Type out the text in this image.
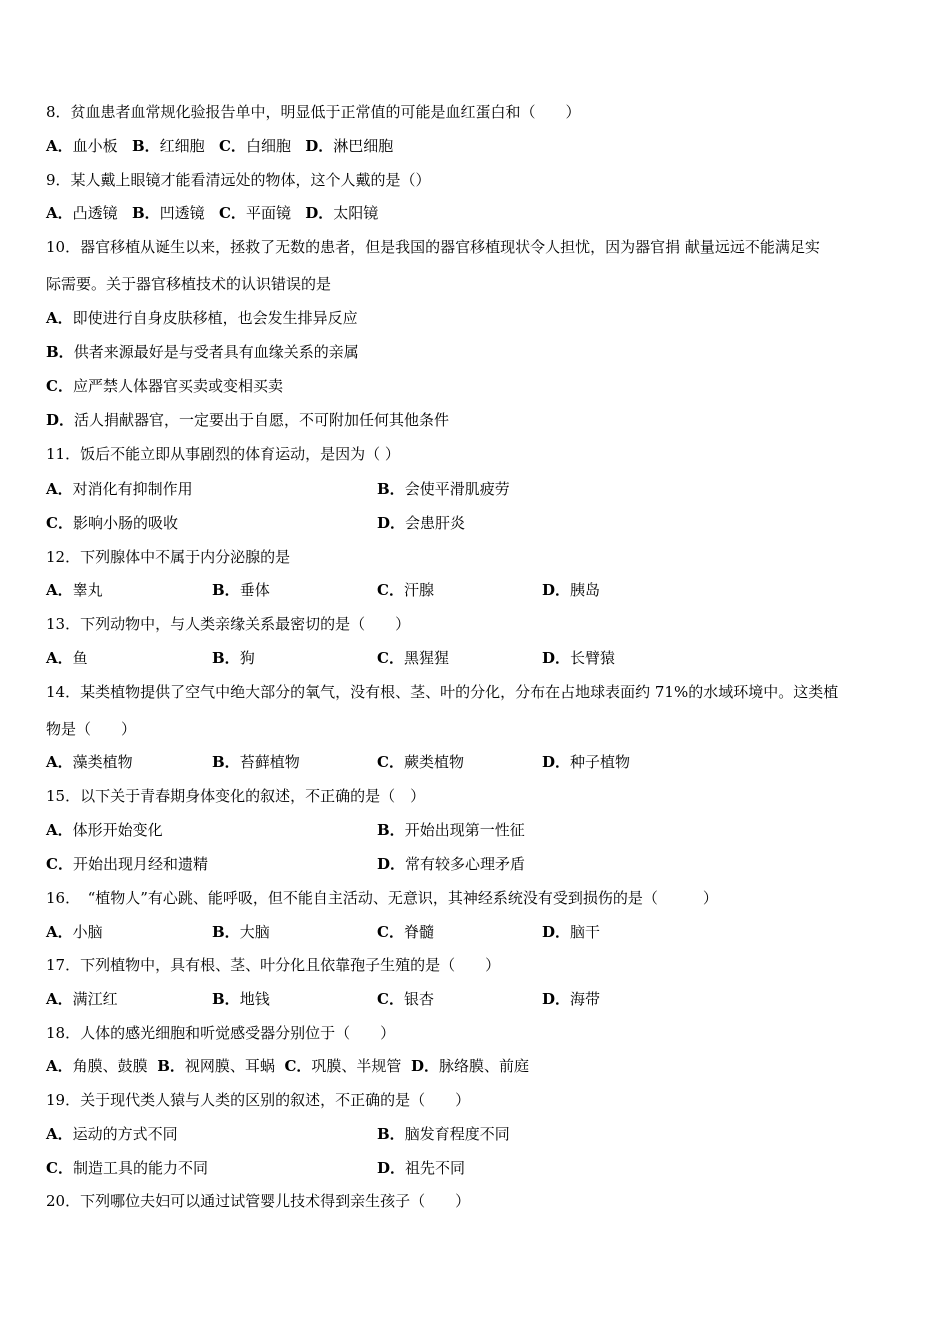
8．贫血患者血常规化验报告单中，明显低于正常值的可能是血红蛋白和（　　）
A．血小板 B．红细胞 C．白细胞 D．淋巴细胞
9．某人戴上眼镜才能看清远处的物体，这个人戴的是（）
A．凸透镜 B．凹透镜 C．平面镜 D．太阳镜
10．器官移植从诞生以来，拯救了无数的患者，但是我国的器官移植现状令人担忧，因为器官捐 献量远远不能满足实
际需要。关于器官移植技术的认识错误的是
A．即使进行自身皮肤移植，也会发生排异反应
B．供者来源最好是与受者具有血缘关系的亲属
C．应严禁人体器官买卖或变相买卖
D．活人捐献器官，一定要出于自愿，不可附加任何其他条件
11．饭后不能立即从事剧烈的体育运动，是因为（ ）
A．对消化有抑制作用	B．会使平滑肌疲劳
C．影响小肠的吸收	D．会患肝炎
12．下列腺体中不属于内分泌腺的是
A．睾丸	B．垂体	C．汗腺	D．胰岛
13．下列动物中，与人类亲缘关系最密切的是（　　）
A．鱼	B．狗	C．黑猩猩	D．长臂猿
14．某类植物提供了空气中绝大部分的氧气，没有根、茎、叶的分化，分布在占地球表面约 71%的水域环境中。这类植
物是（　　）
A．藻类植物	B．苔藓植物	C．蕨类植物	D．种子植物
15．以下关于青春期身体变化的叙述，不正确的是（　）
A．体形开始变化	B．开始出现第一性征
C．开始出现月经和遗精	D．常有较多心理矛盾
16．　“植物人”有心跳、能呼吸，但不能自主活动、无意识，其神经系统没有受到损伤的是（　　　）
A．小脑	B．大脑	C．脊髓	D．脑干
17．下列植物中，具有根、茎、叶分化且依靠孢子生殖的是（　　）
A．满江红	B．地钱	C．银杏	D．海带
18．人体的感光细胞和听觉感受器分别位于（　　）
A．角膜、鼓膜 B．视网膜、耳蜗 C．巩膜、半规管 D．脉络膜、前庭
19．关于现代类人猿与人类的区别的叙述，不正确的是（　　）
A．运动的方式不同	B．脑发育程度不同
C．制造工具的能力不同	D．祖先不同
20．下列哪位夫妇可以通过试管婴儿技术得到亲生孩子（　　）
